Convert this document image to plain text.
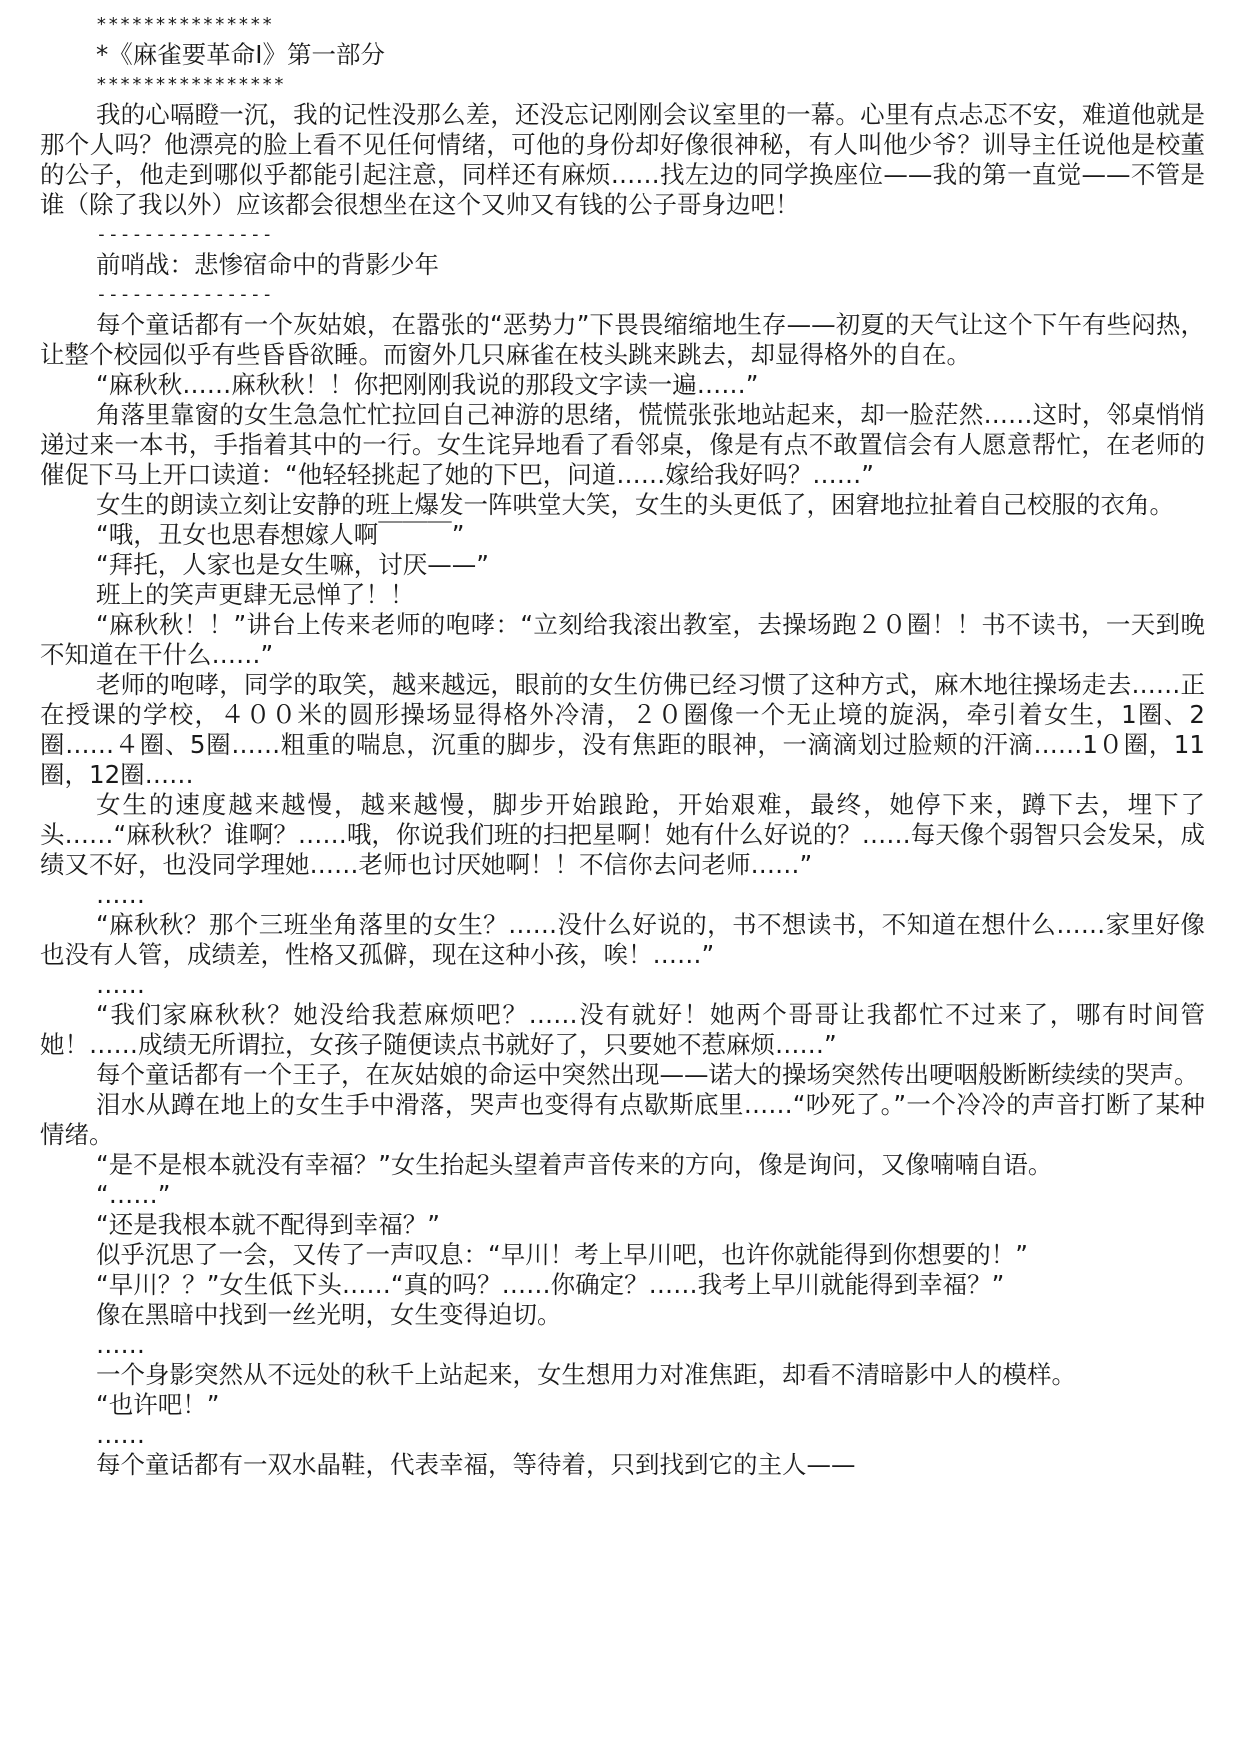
***************

*《麻雀要革命I》第一部分

****************

我的心嗝瞪一沉，我的记性没那么差，还没忘记刚刚会议室里的一幕。心里有点忐忑不安，难道他就是那个人吗？他漂亮的脸上看不见任何情绪，可他的身份却好像很神秘，有人叫他少爷？训导主任说他是校董的公子，他走到哪似乎都能引起注意，同样还有麻烦……找左边的同学换座位——我的第一直觉——不管是谁（除了我以外）应该都会很想坐在这个又帅又有钱的公子哥身边吧！

---------------

前哨战：悲惨宿命中的背影少年

---------------

每个童话都有一个灰姑娘，在嚣张的“恶势力”下畏畏缩缩地生存——初夏的天气让这个下午有些闷热，让整个校园似乎有些昏昏欲睡。而窗外几只麻雀在枝头跳来跳去，却显得格外的自在。

“麻秋秋……麻秋秋！！你把刚刚我说的那段文字读一遍……”

角落里靠窗的女生急急忙忙拉回自己神游的思绪，慌慌张张地站起来，却一脸茫然……这时，邻桌悄悄递过来一本书，手指着其中的一行。女生诧异地看了看邻桌，像是有点不敢置信会有人愿意帮忙，在老师的催促下马上开口读道：“他轻轻挑起了她的下巴，问道……嫁给我好吗？……”

女生的朗读立刻让安静的班上爆发一阵哄堂大笑，女生的头更低了，困窘地拉扯着自己校服的衣角。

“哦，丑女也思春想嫁人啊￣￣￣”

“拜托，人家也是女生嘛，讨厌——”

班上的笑声更肆无忌惮了！！

“麻秋秋！！”讲台上传来老师的咆哮：“立刻给我滚出教室，去操场跑２０圈！！书不读书，一天到晚不知道在干什么……”

老师的咆哮，同学的取笑，越来越远，眼前的女生仿佛已经习惯了这种方式，麻木地往操场走去……正在授课的学校，４００米的圆形操场显得格外冷清，２０圈像一个无止境的旋涡，牵引着女生，1圈、2圈……４圈、5圈……粗重的喘息，沉重的脚步，没有焦距的眼神，一滴滴划过脸颊的汗滴……1０圈，11圈，12圈……

女生的速度越来越慢，越来越慢，脚步开始踉跄，开始艰难，最终，她停下来，蹲下去，埋下了头……“麻秋秋？谁啊？……哦，你说我们班的扫把星啊！她有什么好说的？……每天像个弱智只会发呆，成绩又不好，也没同学理她……老师也讨厌她啊！！不信你去问老师……”

……

“麻秋秋？那个三班坐角落里的女生？……没什么好说的，书不想读书，不知道在想什么……家里好像也没有人管，成绩差，性格又孤僻，现在这种小孩，唉！……”

……

“我们家麻秋秋？她没给我惹麻烦吧？……没有就好！她两个哥哥让我都忙不过来了，哪有时间管她！……成绩无所谓拉，女孩子随便读点书就好了，只要她不惹麻烦……”

每个童话都有一个王子，在灰姑娘的命运中突然出现——诺大的操场突然传出哽咽般断断续续的哭声。

泪水从蹲在地上的女生手中滑落，哭声也变得有点歇斯底里……“吵死了。”一个冷冷的声音打断了某种情绪。

“是不是根本就没有幸福？”女生抬起头望着声音传来的方向，像是询问，又像喃喃自语。

“……”

“还是我根本就不配得到幸福？”

似乎沉思了一会，又传了一声叹息：“早川！考上早川吧，也许你就能得到你想要的！”

“早川？？”女生低下头……“真的吗？……你确定？……我考上早川就能得到幸福？”

像在黑暗中找到一丝光明，女生变得迫切。

……

一个身影突然从不远处的秋千上站起来，女生想用力对准焦距，却看不清暗影中人的模样。

“也许吧！”

……

每个童话都有一双水晶鞋，代表幸福，等待着，只到找到它的主人——
